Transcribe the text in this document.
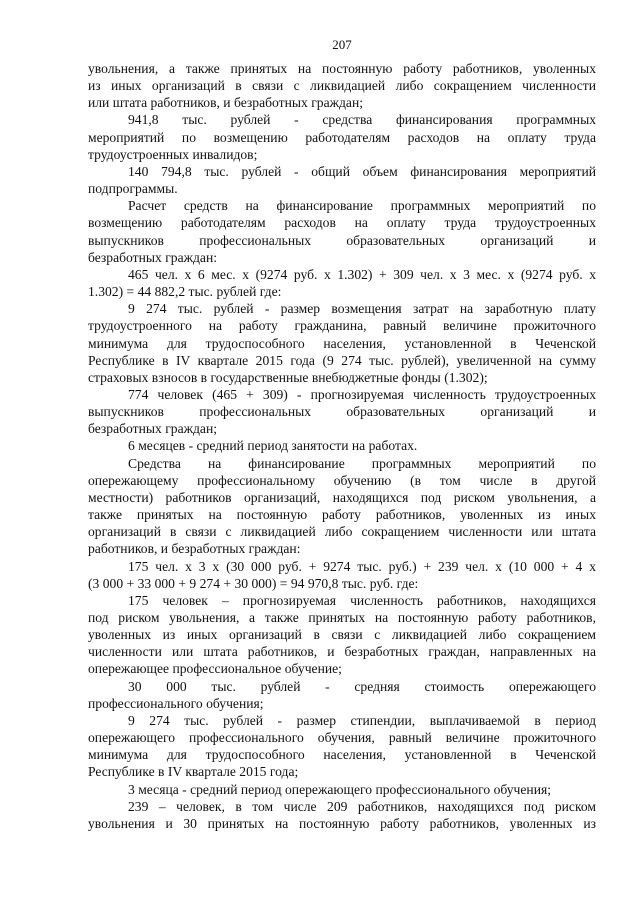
207
увольнения, а также принятых на постоянную работу работников, уволенных
из иных организаций в связи с ликвидацией либо сокращением численности
или штата работников, и безработных граждан;
941,8 тыс. рублей - средства финансирования программных
мероприятий по возмещению работодателям расходов на оплату труда
трудоустроенных инвалидов;
140 794,8 тыс. рублей - общий объем финансирования мероприятий
подпрограммы.
Расчет средств на финансирование программных мероприятий по
возмещению работодателям расходов на оплату труда трудоустроенных
выпускников профессиональных образовательных организаций и
безработных граждан:
465 чел. х 6 мес. х (9274 руб. х 1.302) + 309 чел. х 3 мес. х (9274 руб. х
1.302) = 44 882,2 тыс. рублей где:
9 274 тыс. рублей - размер возмещения затрат на заработную плату
трудоустроенного на работу гражданина, равный величине прожиточного
минимума для трудоспособного населения, установленной в Чеченской
Республике в IV квартале 2015 года (9 274 тыс. рублей), увеличенной на сумму
страховых взносов в государственные внебюджетные фонды (1.302);
774 человек (465 + 309) - прогнозируемая численность трудоустроенных
выпускников профессиональных образовательных организаций и
безработных граждан;
6 месяцев - средний период занятости на работах.
Средства на финансирование программных мероприятий по
опережающему профессиональному обучению (в том числе в другой
местности) работников организаций, находящихся под риском увольнения, а
также принятых на постоянную работу работников, уволенных из иных
организаций в связи с ликвидацией либо сокращением численности или штата
работников, и безработных граждан:
175 чел. х 3 х (30 000 руб. + 9274 тыс. руб.) + 239 чел. х (10 000 + 4 х
(3 000 + 33 000 + 9 274 + 30 000) = 94 970,8 тыс. руб. где:
175 человек – прогнозируемая численность работников, находящихся
под риском увольнения, а также принятых на постоянную работу работников,
уволенных из иных организаций в связи с ликвидацией либо сокращением
численности или штата работников, и безработных граждан, направленных на
опережающее профессиональное обучение;
30 000 тыс. рублей - средняя стоимость опережающего
профессионального обучения;
9 274 тыс. рублей - размер стипендии, выплачиваемой в период
опережающего профессионального обучения, равный величине прожиточного
минимума для трудоспособного населения, установленной в Чеченской
Республике в IV квартале 2015 года;
3 месяца - средний период опережающего профессионального обучения;
239 – человек, в том числе 209 работников, находящихся под риском
увольнения и 30 принятых на постоянную работу работников, уволенных из
